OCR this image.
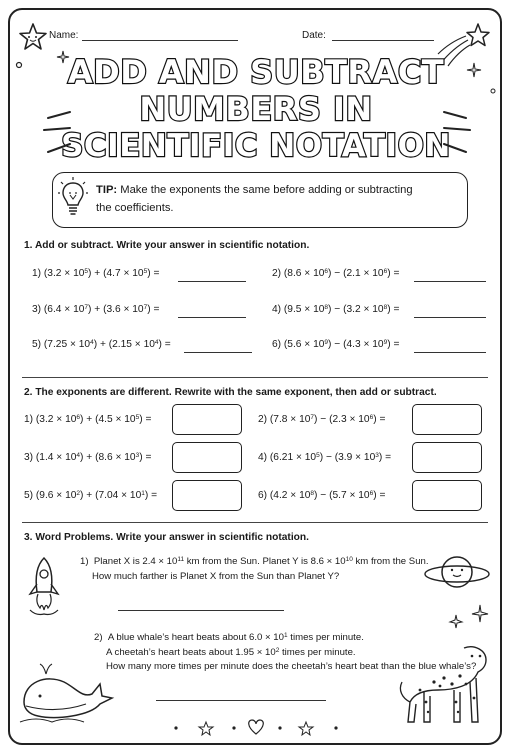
Name:	Date:
ADD AND SUBTRACT
NUMBERS IN
SCIENTIFIC NOTATION
TIP: Make the exponents the same before adding or subtracting
the coefficients.
1. Add or subtract. Write your answer in scientific notation.
1) $(3.2 \times 10^5) + (4.7 \times 10^5)$ =	2) $(8.6 \times 10^6) - (2.1 \times 10^6)$ =
3) $(6.4 \times 10^7) + (3.6 \times 10^7)$ =	4) $(9.5 \times 10^8) - (3.2 \times 10^8)$ =
5) $(7.25 \times 10^4) + (2.15 \times 10^4)$ =	6) $(5.6 \times 10^9) - (4.3 \times 10^9)$ =
2. The exponents are different. Rewrite with the same exponent, then add or subtract.
1) $(3.2 \times 10^6) + (4.5 \times 10^5)$ =	2) $(7.8 \times 10^7) - (2.3 \times 10^6)$ =
3) $(1.4 \times 10^4) + (8.6 \times 10^3)$ =	4) $(6.21 \times 10^5) - (3.9 \times 10^3)$ =
5) $(9.6 \times 10^2) + (7.04 \times 10^1)$ =	6) $(4.2 \times 10^8) - (5.7 \times 10^6)$ =
3. Word Problems. Write your answer in scientific notation.
1) Planet X is $2.4 \times 10^{11}$ km from the Sun. Planet Y is $8.6 \times 10^{10}$ km from the Sun.
How much farther is Planet X from the Sun than Planet Y?
2) A blue whale’s heart beats about $6.0 \times 10^1$ times per minute.
A cheetah’s heart beats about $1.95 \times 10^2$ times per minute.
How many more times per minute does the cheetah’s heart beat than the blue whale’s?
